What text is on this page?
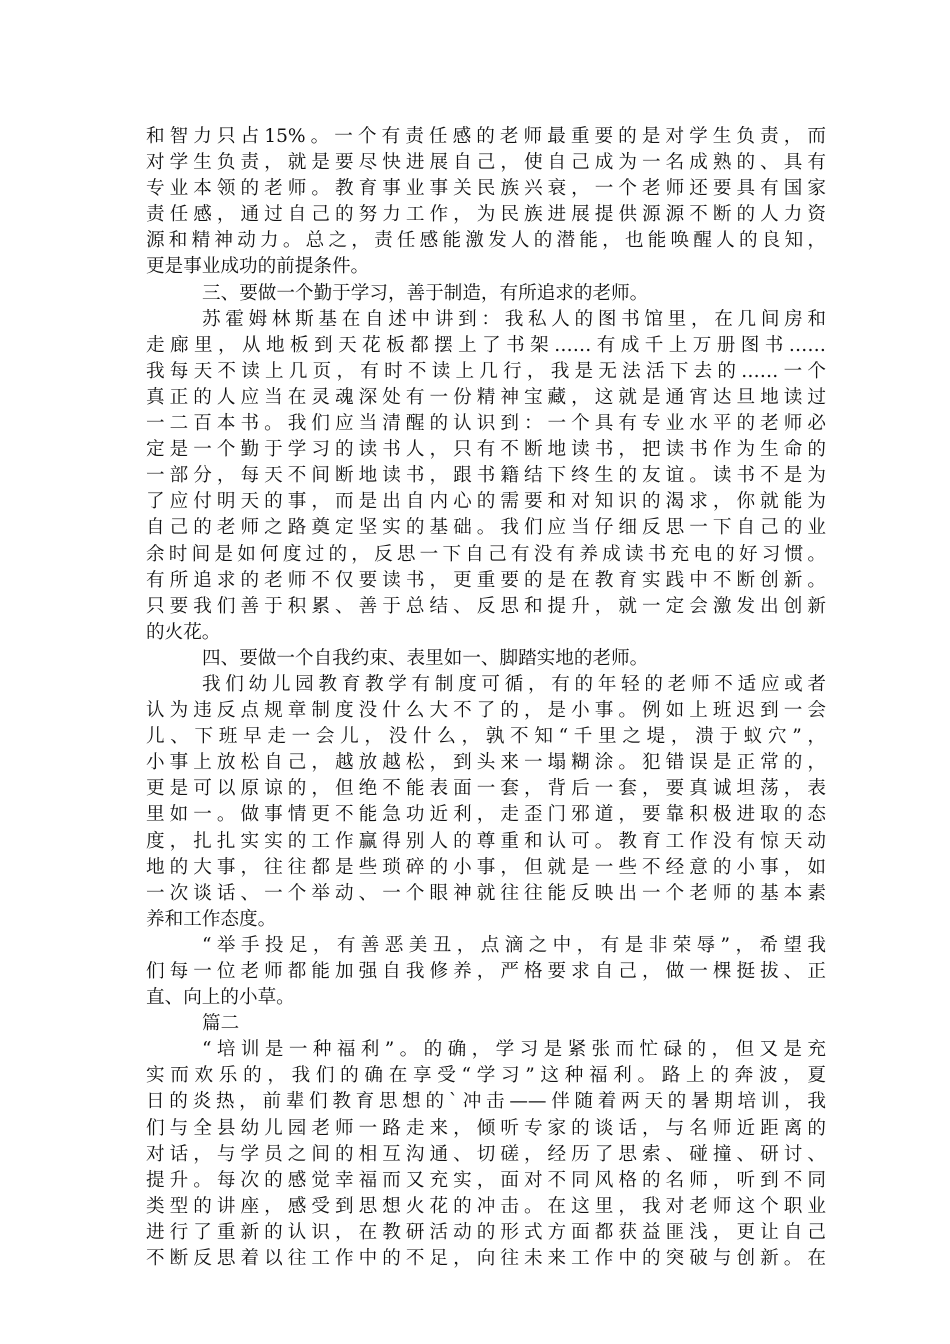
和智力只占15%。一个有责任感的老师最重要的是对学生负责，而
对学生负责，就是要尽快进展自己，使自己成为一名成熟的、具有
专业本领的老师。教育事业事关民族兴衰，一个老师还要具有国家
责任感，通过自己的努力工作，为民族进展提供源源不断的人力资
源和精神动力。总之，责任感能激发人的潜能，也能唤醒人的良知，
更是事业成功的前提条件。
三、要做一个勤于学习，善于制造，有所追求的老师。
苏霍姆林斯基在自述中讲到：我私人的图书馆里，在几间房和
走廊里，从地板到天花板都摆上了书架……有成千上万册图书……
我每天不读上几页，有时不读上几行，我是无法活下去的……一个
真正的人应当在灵魂深处有一份精神宝藏，这就是通宵达旦地读过
一二百本书。我们应当清醒的认识到：一个具有专业水平的老师必
定是一个勤于学习的读书人，只有不断地读书，把读书作为生命的
一部分，每天不间断地读书，跟书籍结下终生的友谊。读书不是为
了应付明天的事，而是出自内心的需要和对知识的渴求，你就能为
自己的老师之路奠定坚实的基础。我们应当仔细反思一下自己的业
余时间是如何度过的，反思一下自己有没有养成读书充电的好习惯。
有所追求的老师不仅要读书，更重要的是在教育实践中不断创新。
只要我们善于积累、善于总结、反思和提升，就一定会激发出创新
的火花。
四、要做一个自我约束、表里如一、脚踏实地的老师。
我们幼儿园教育教学有制度可循，有的年轻的老师不适应或者
认为违反点规章制度没什么大不了的，是小事。例如上班迟到一会
儿、下班早走一会儿，没什么，孰不知“千里之堤，溃于蚁穴”，
小事上放松自己，越放越松，到头来一塌糊涂。犯错误是正常的，
更是可以原谅的，但绝不能表面一套，背后一套，要真诚坦荡，表
里如一。做事情更不能急功近利，走歪门邪道，要靠积极进取的态
度，扎扎实实的工作赢得别人的尊重和认可。教育工作没有惊天动
地的大事，往往都是些琐碎的小事，但就是一些不经意的小事，如
一次谈话、一个举动、一个眼神就往往能反映出一个老师的基本素
养和工作态度。
“举手投足，有善恶美丑，点滴之中，有是非荣辱”，希望我
们每一位老师都能加强自我修养，严格要求自己，做一棵挺拔、正
直、向上的小草。
篇二
“培训是一种福利”。的确，学习是紧张而忙碌的，但又是充
实而欢乐的，我们的确在享受“学习”这种福利。路上的奔波，夏
日的炎热，前辈们教育思想的`冲击——伴随着两天的暑期培训，我
们与全县幼儿园老师一路走来，倾听专家的谈话，与名师近距离的
对话，与学员之间的相互沟通、切磋，经历了思索、碰撞、研讨、
提升。每次的感觉幸福而又充实，面对不同风格的名师，听到不同
类型的讲座，感受到思想火花的冲击。在这里，我对老师这个职业
进行了重新的认识，在教研活动的形式方面都获益匪浅，更让自己
不断反思着以往工作中的不足，向往未来工作中的突破与创新。在
